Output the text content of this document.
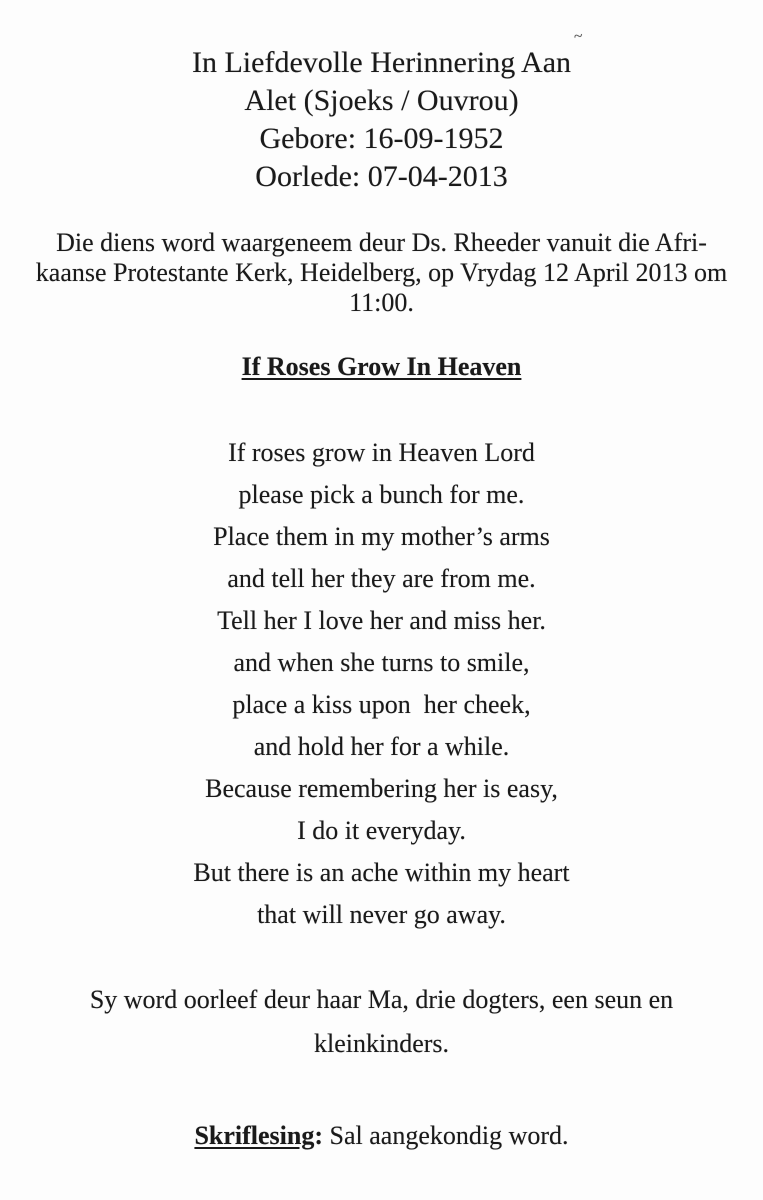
~
In Liefdevolle Herinnering Aan
Alet (Sjoeks / Ouvrou)
Gebore: 16-09-1952
Oorlede: 07-04-2013
Die diens word waargeneem deur Ds. Rheeder vanuit die Afri-
kaanse Protestante Kerk, Heidelberg, op Vrydag 12 April 2013 om
11:00.
If Roses Grow In Heaven
If roses grow in Heaven Lord
please pick a bunch for me.
Place them in my mother’s arms
and tell her they are from me.
Tell her I love her and miss her.
and when she turns to smile,
place a kiss upon  her cheek,
and hold her for a while.
Because remembering her is easy,
I do it everyday.
But there is an ache within my heart
that will never go away.
Sy word oorleef deur haar Ma, drie dogters, een seun en
kleinkinders.

Skriflesing: Sal aangekondig word.
